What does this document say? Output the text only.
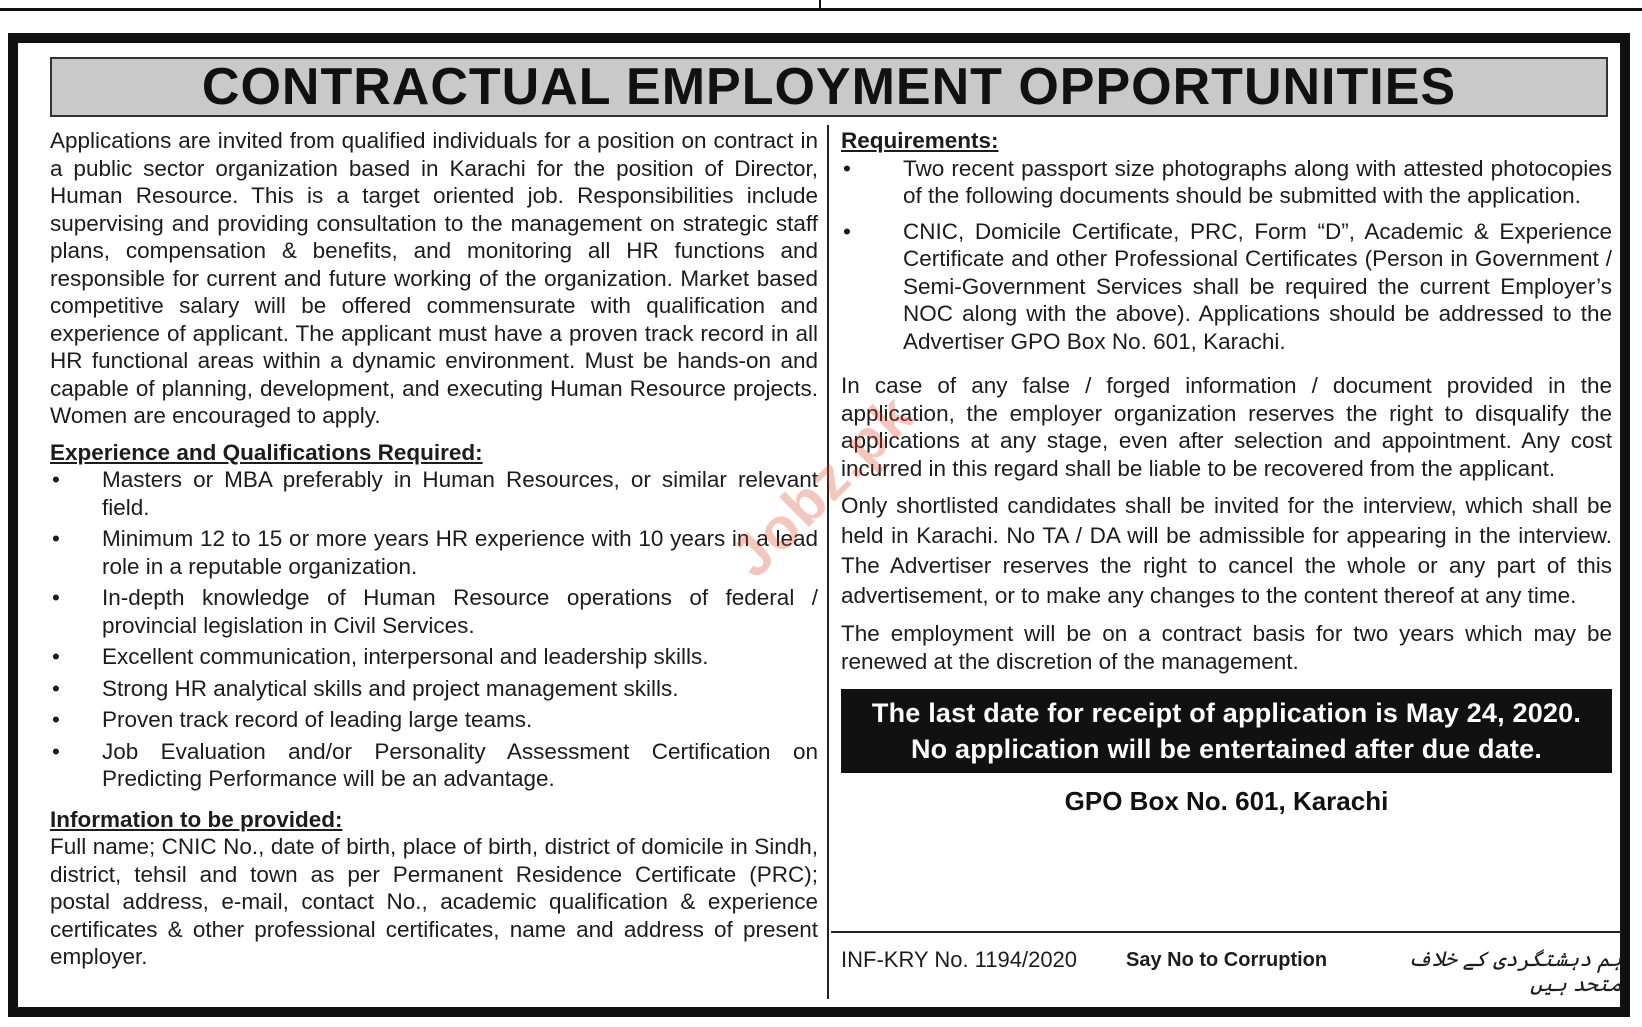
CONTRACTUAL EMPLOYMENT OPPORTUNITIES

Applications are invited from qualified individuals for a position on contract in a public sector organization based in Karachi for the position of Director, Human Resource. This is a target oriented job. Responsibilities include supervising and providing consultation to the management on strategic staff plans, compensation & benefits, and monitoring all HR functions and responsible for current and future working of the organization. Market based competitive salary will be offered commensurate with qualification and experience of applicant. The applicant must have a proven track record in all HR functional areas within a dynamic environment. Must be hands-on and capable of planning, development, and executing Human Resource projects. Women are encouraged to apply.

Experience and Qualifications Required:
• Masters or MBA preferably in Human Resources, or similar relevant field.
• Minimum 12 to 15 or more years HR experience with 10 years in a lead role in a reputable organization.
• In-depth knowledge of Human Resource operations of federal / provincial legislation in Civil Services.
• Excellent communication, interpersonal and leadership skills.
• Strong HR analytical skills and project management skills.
• Proven track record of leading large teams.
• Job Evaluation and/or Personality Assessment Certification on Predicting Performance will be an advantage.
Information to be provided:

Full name; CNIC No., date of birth, place of birth, district of domicile in Sindh, district, tehsil and town as per Permanent Residence Certificate (PRC); postal address, e-mail, contact No., academic qualification & experience certificates & other professional certificates, name and address of present employer.

Requirements:
• Two recent passport size photographs along with attested photocopies of the following documents should be submitted with the application.
• CNIC, Domicile Certificate, PRC, Form “D”, Academic & Experience Certificate and other Professional Certificates (Person in Government / Semi-Government Services shall be required the current Employer’s NOC along with the above). Applications should be addressed to the Advertiser GPO Box No. 601, Karachi.

In case of any false / forged information / document provided in the application, the employer organization reserves the right to disqualify the applications at any stage, even after selection and appointment. Any cost incurred in this regard shall be liable to be recovered from the applicant.

Only shortlisted candidates shall be invited for the interview, which shall be held in Karachi. No TA / DA will be admissible for appearing in the interview. The Advertiser reserves the right to cancel the whole or any part of this advertisement, or to make any changes to the content thereof at any time.

The employment will be on a contract basis for two years which may be renewed at the discretion of the management.

The last date for receipt of application is May 24, 2020.
No application will be entertained after due date.
GPO Box No. 601, Karachi
INF-KRY No. 1194/2020 Say No to Corruption	ہم دہشتگردی کے خلاف متحد ہیں
Jobz.pk
